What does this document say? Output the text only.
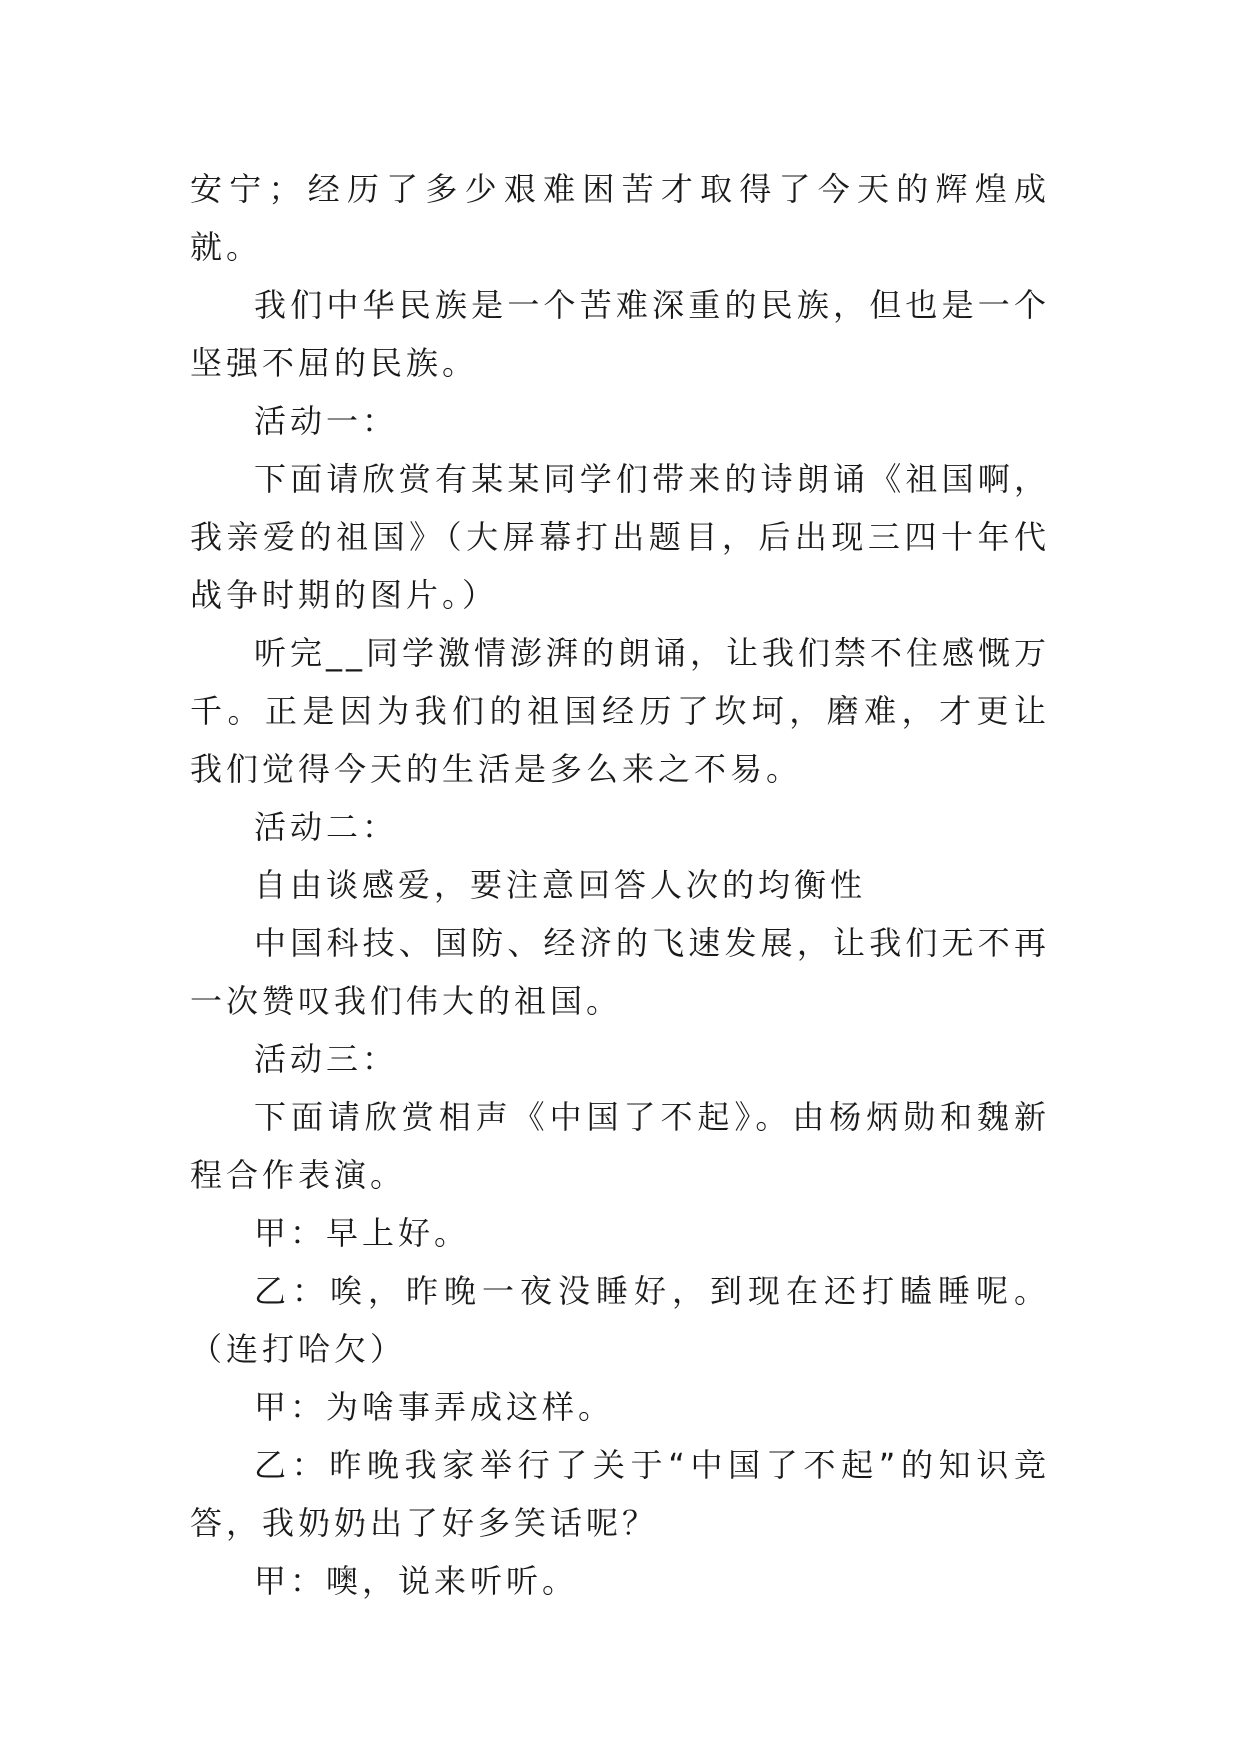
安宁；经历了多少艰难困苦才取得了今天的辉煌成就。

我们中华民族是一个苦难深重的民族，但也是一个坚强不屈的民族。

活动一：

下面请欣赏有某某同学们带来的诗朗诵《祖国啊，我亲爱的祖国》（大屏幕打出题目，后出现三四十年代战争时期的图片。）

听完__同学激情澎湃的朗诵，让我们禁不住感慨万千。正是因为我们的祖国经历了坎坷，磨难，才更让我们觉得今天的生活是多么来之不易。

活动二：

自由谈感爱，要注意回答人次的均衡性

中国科技、国防、经济的飞速发展，让我们无不再一次赞叹我们伟大的祖国。

活动三：

下面请欣赏相声《中国了不起》。由杨炳勋和魏新程合作表演。

甲：早上好。

乙：唉，昨晚一夜没睡好，到现在还打瞌睡呢。（连打哈欠）

甲：为啥事弄成这样。

乙：昨晚我家举行了关于“中国了不起”的知识竞答，我奶奶出了好多笑话呢？

甲：噢，说来听听。
